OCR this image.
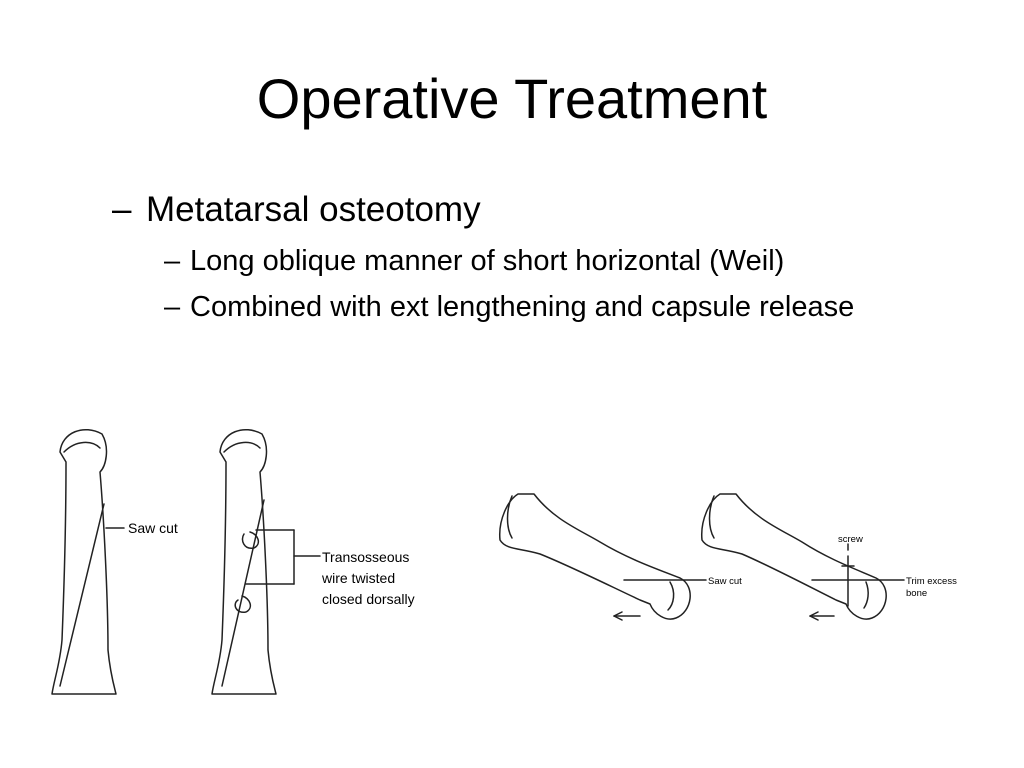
Operative Treatment
– Metatarsal osteotomy
– Long oblique manner of short horizontal (Weil)
– Combined with ext lengthening and capsule release
Saw cut
Transosseous
wire twisted
closed dorsally
Saw cut
screw
Trim excess
bone
